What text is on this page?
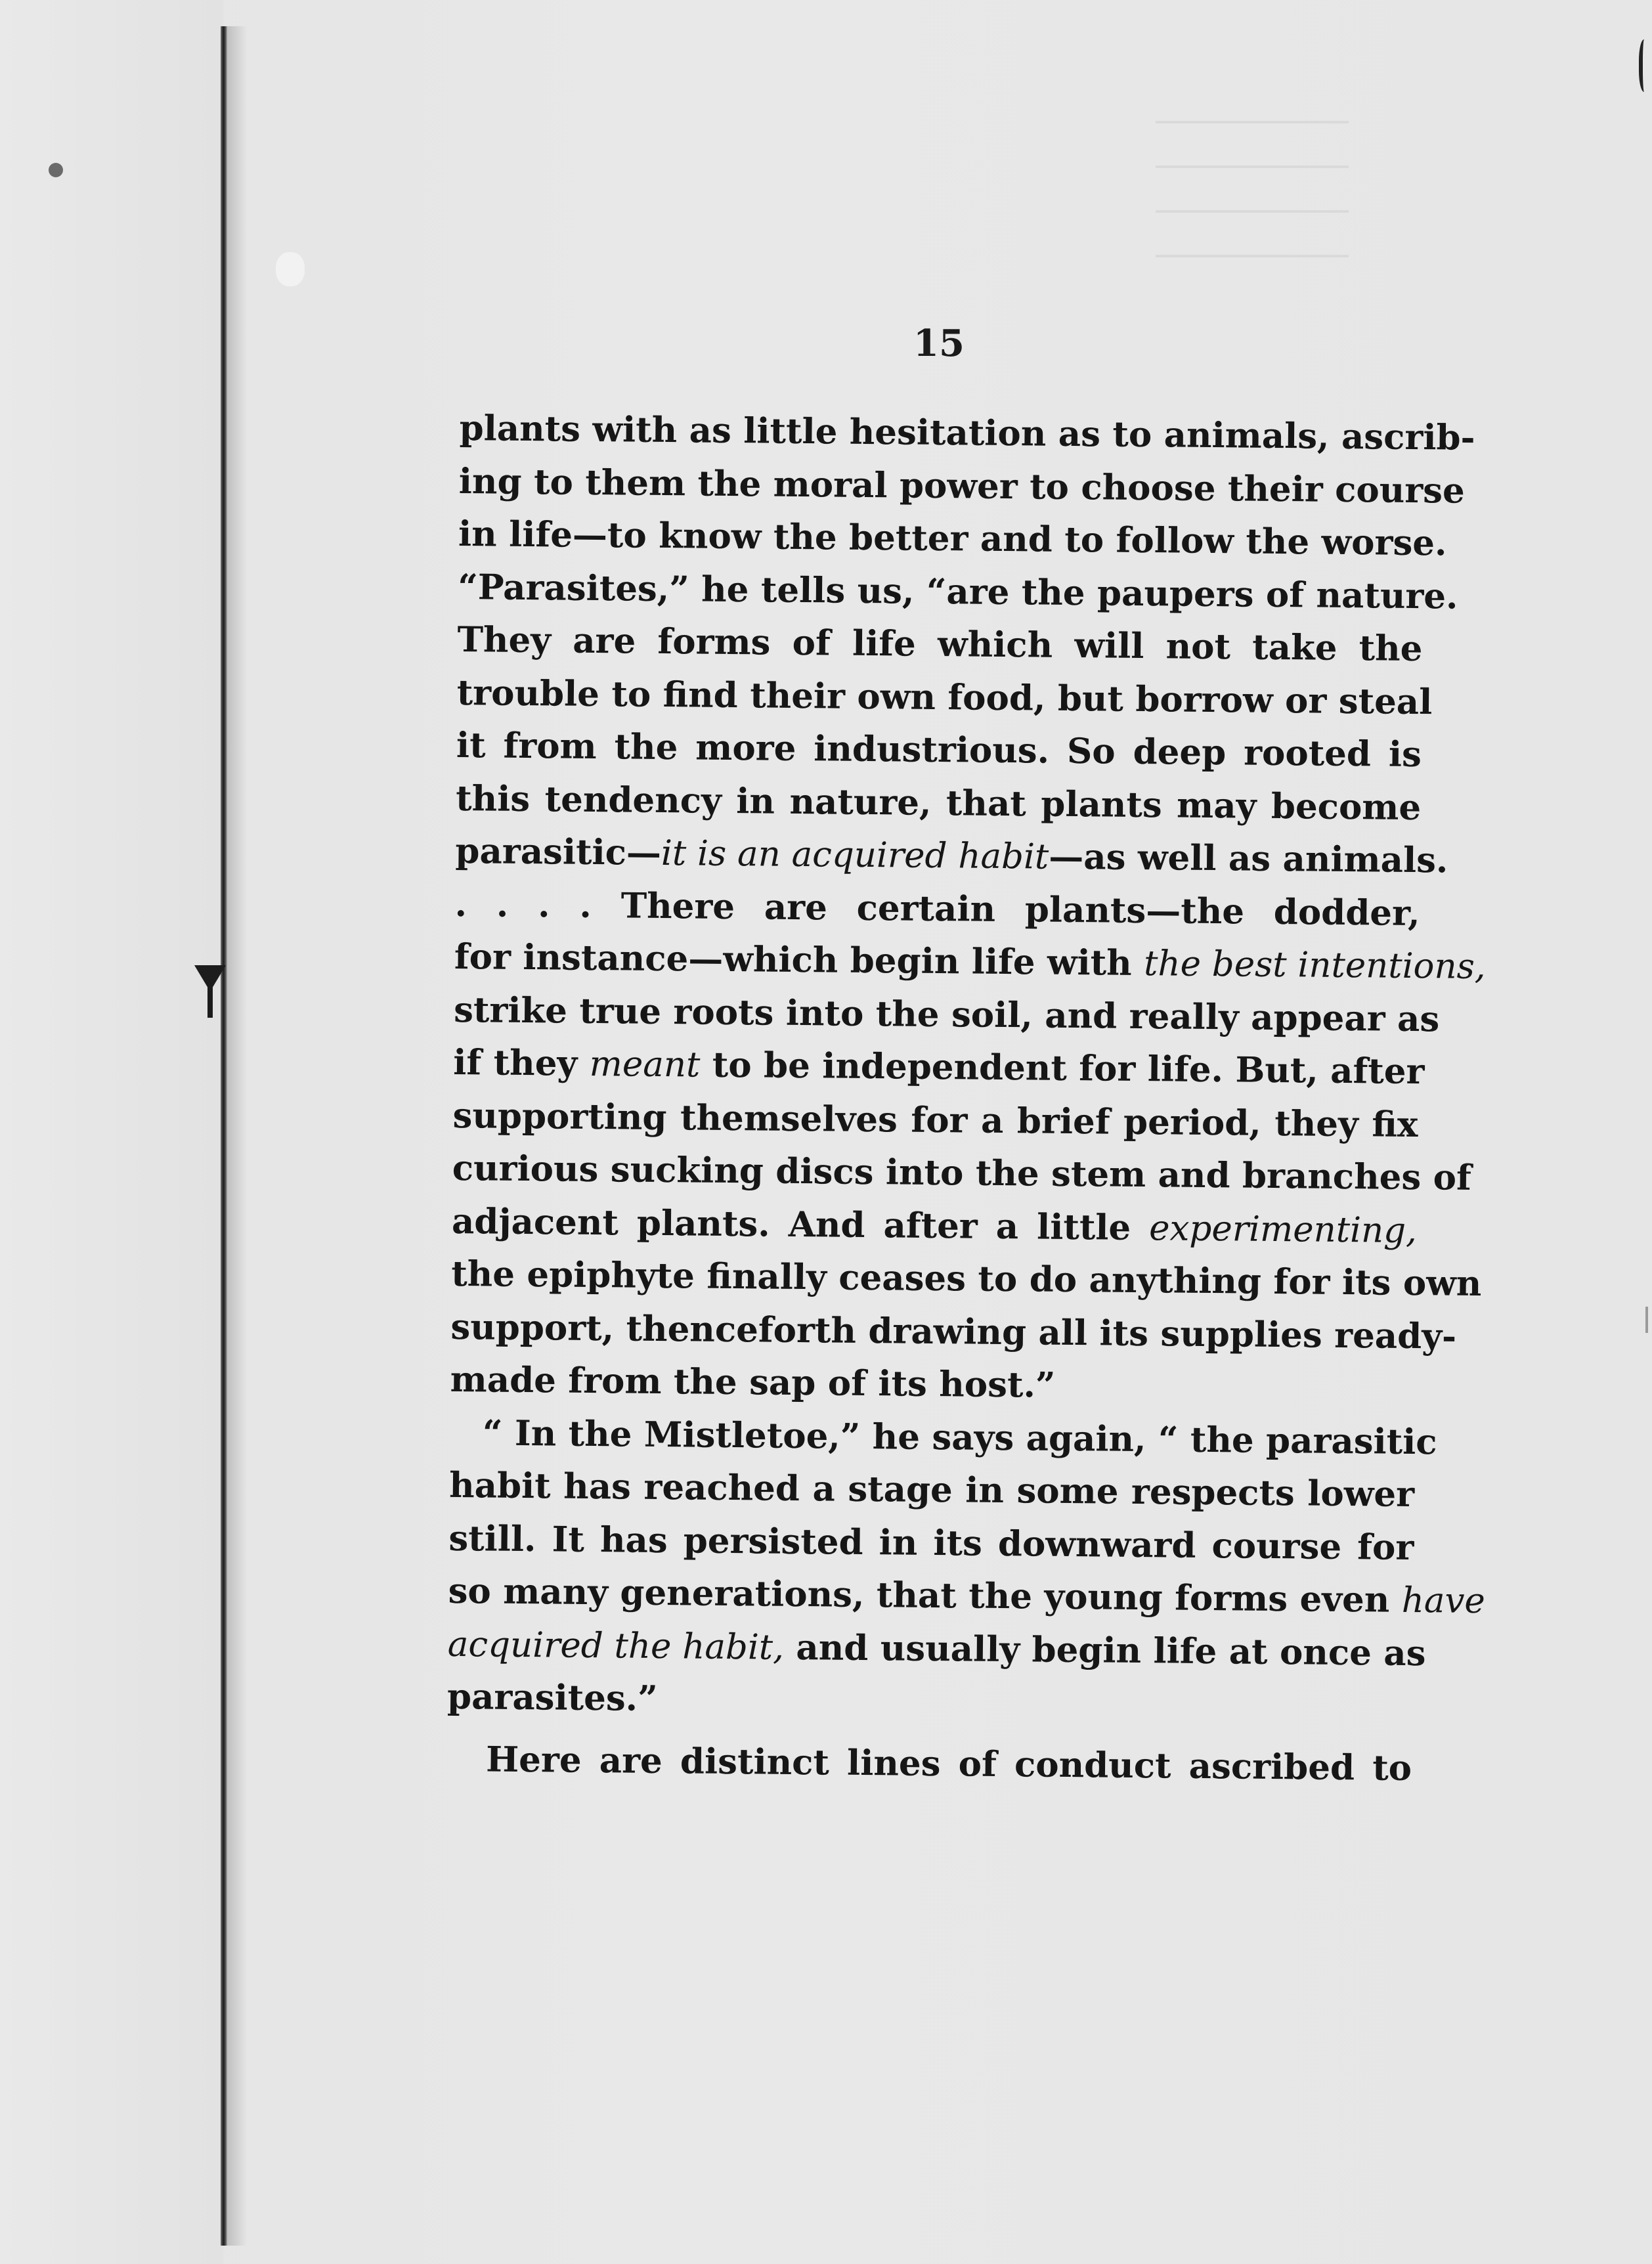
15
plants with as little hesitation as to animals, ascrib-
ing to them the moral power to choose their course
in life—to know the better and to follow the worse.
“Parasites,” he tells us, “are the paupers of nature.
They are forms of life which will not take the
trouble to find their own food, but borrow or steal
it from the more industrious. So deep rooted is
this tendency in nature, that plants may become
parasitic—it is an acquired habit—as well as animals.
. . . . There are certain plants—the dodder,
for instance—which begin life with the best intentions,
strike true roots into the soil, and really appear as
if they meant to be independent for life. But, after
supporting themselves for a brief period, they fix
curious sucking discs into the stem and branches of
adjacent plants. And after a little experimenting,
the epiphyte finally ceases to do anything for its own
support, thenceforth drawing all its supplies ready-
made from the sap of its host.”
“ In the Mistletoe,” he says again, “ the parasitic
habit has reached a stage in some respects lower
still. It has persisted in its downward course for
so many generations, that the young forms even have
acquired the habit, and usually begin life at once as
parasites.”
Here are distinct lines of conduct ascribed to
